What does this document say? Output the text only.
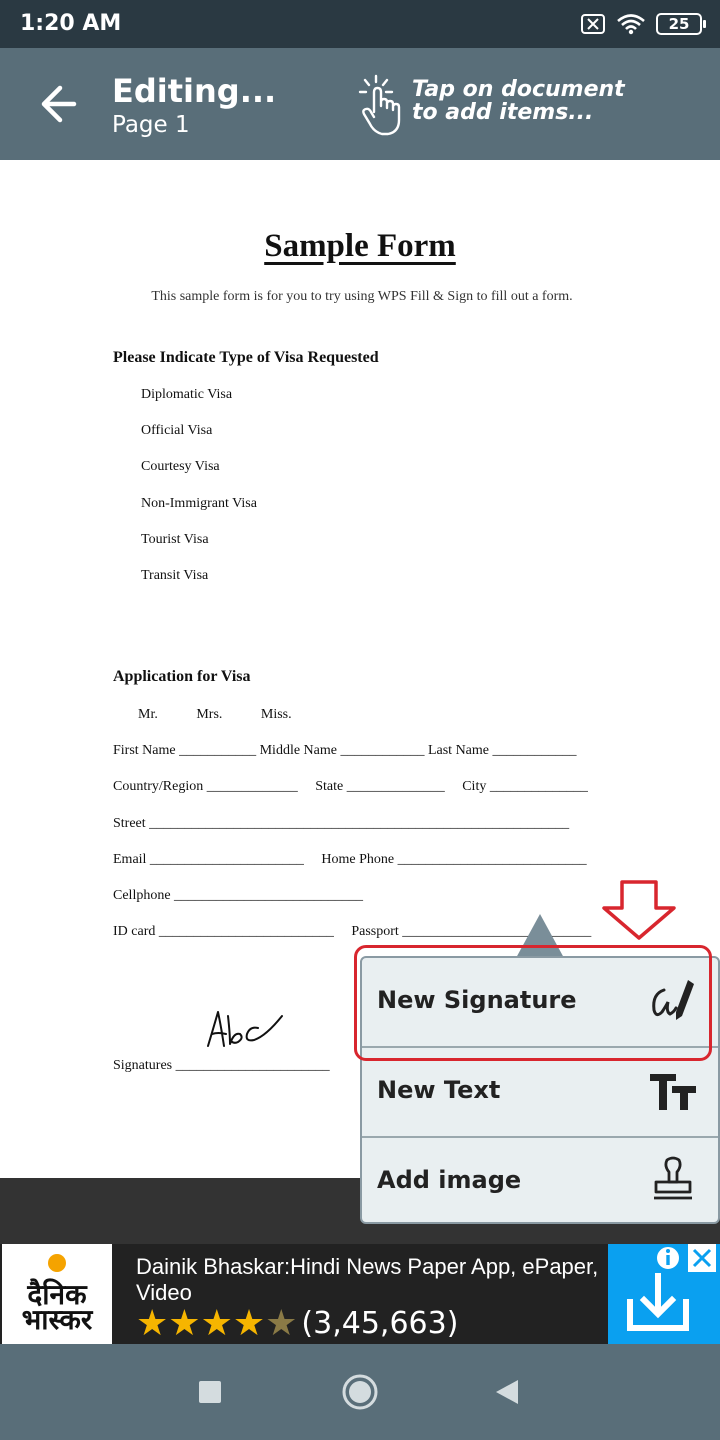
1:20 AM	25
Editing...
Page 1
Tap on document
to add items...
Sample Form
This sample form is for you to try using WPS Fill & Sign to fill out a form.
Please Indicate Type of Visa Requested
Diplomatic Visa
Official Visa
Courtesy Visa
Non-Immigrant Visa
Tourist Visa
Transit Visa
Application for Visa
Mr.           Mrs.           Miss.
First Name ___________ Middle Name ____________ Last Name ____________
Country/Region _____________     State ______________     City ______________
Street ____________________________________________________________
Email ______________________     Home Phone ___________________________
Cellphone ___________________________
ID card _________________________     Passport ___________________________
Signatures ______________________
New Signature
New Text
Add image
दैनिक
भास्कर
Dainik Bhaskar:Hindi News Paper App, ePaper, Video
★ ★ ★ ★ ★ (3,45,663)
